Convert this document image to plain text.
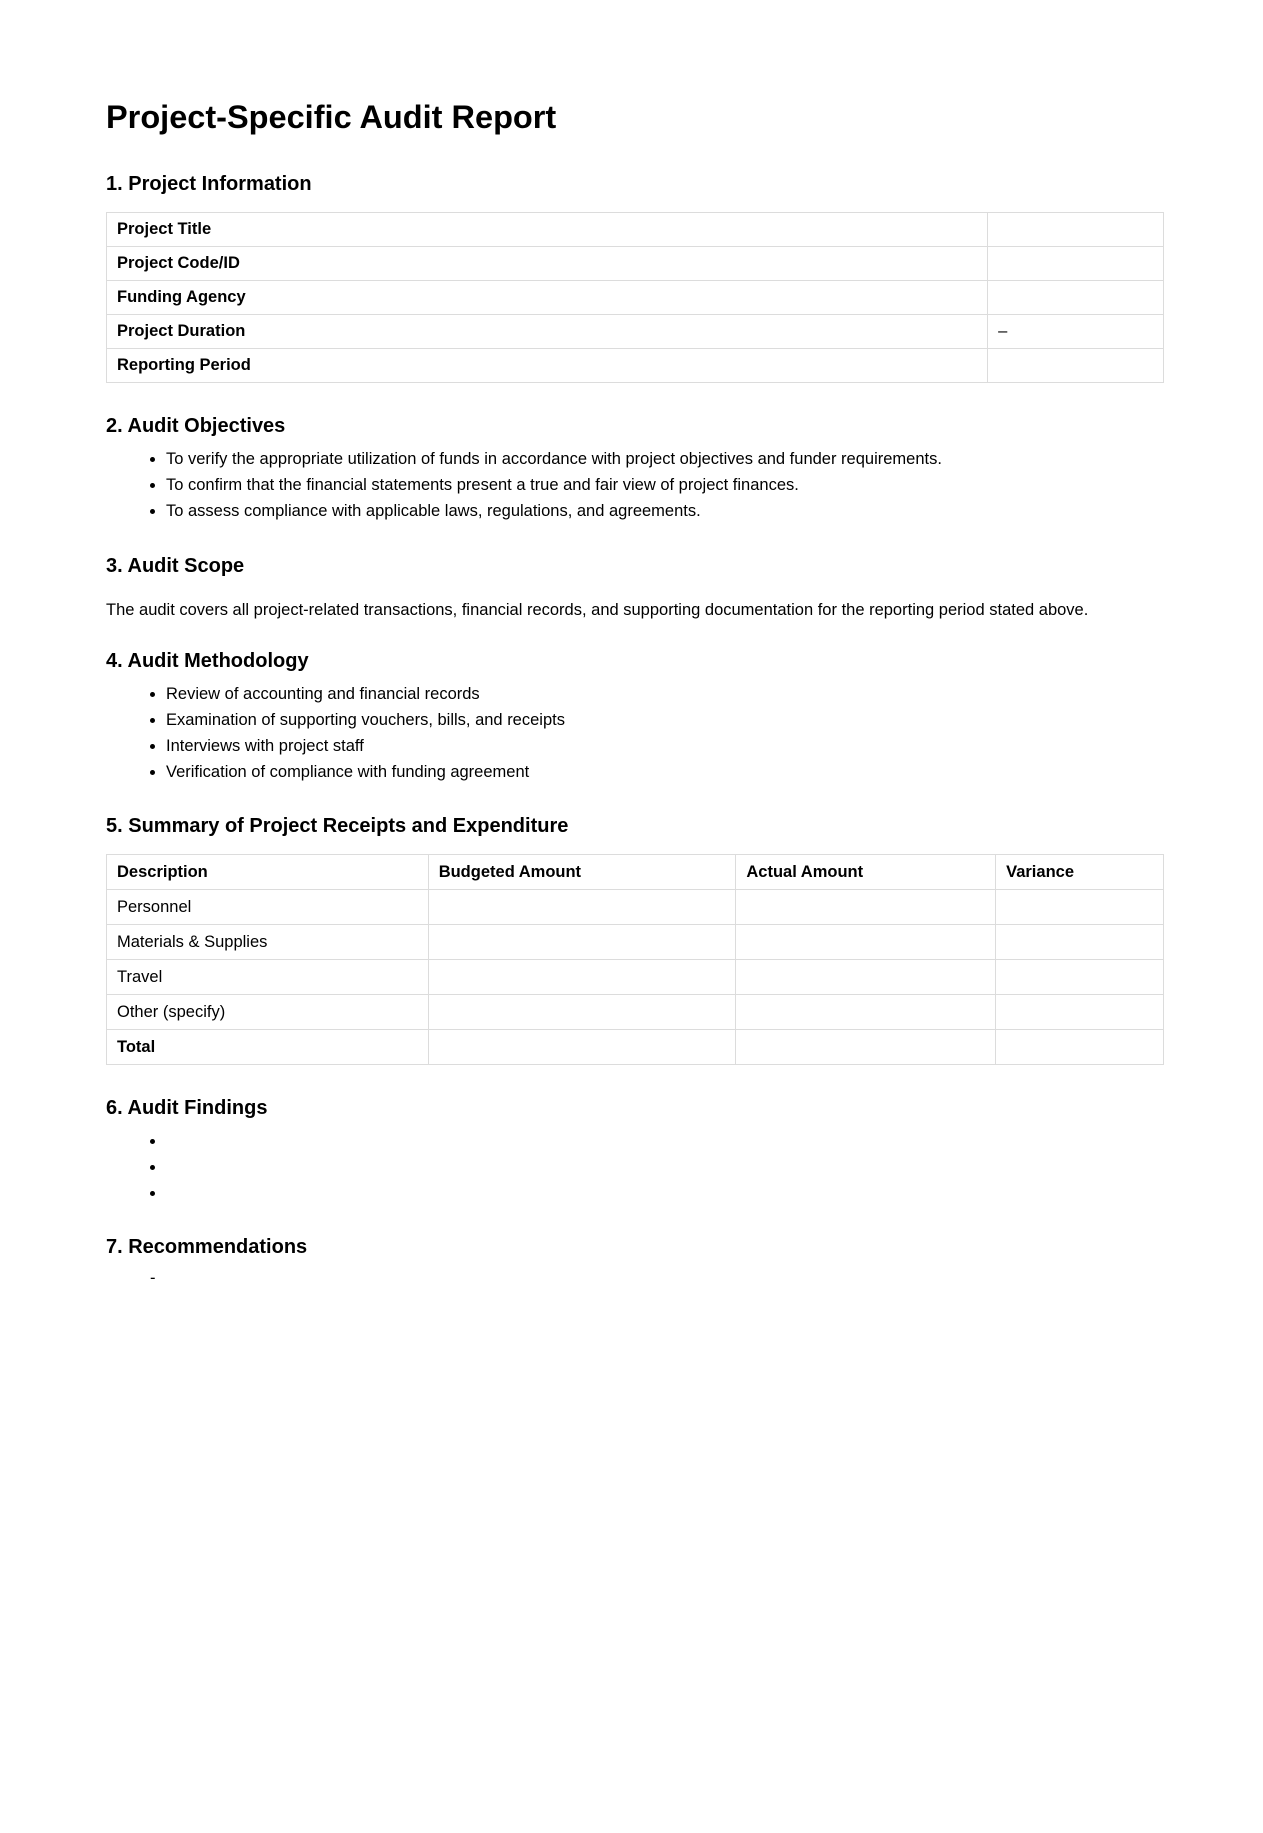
Project-Specific Audit Report
1. Project Information
Project Title	
Project Code/ID	
Funding Agency	
Project Duration	–
Reporting Period	
2. Audit Objectives
• To verify the appropriate utilization of funds in accordance with project objectives and funder requirements.
• To confirm that the financial statements present a true and fair view of project finances.
• To assess compliance with applicable laws, regulations, and agreements.
3. Audit Scope

The audit covers all project-related transactions, financial records, and supporting documentation for the reporting period stated above.

4. Audit Methodology
• Review of accounting and financial records
• Examination of supporting vouchers, bills, and receipts
• Interviews with project staff
• Verification of compliance with funding agreement
5. Summary of Project Receipts and Expenditure
Description	Budgeted Amount	Actual Amount	Variance
Personnel			
Materials & Supplies			
Travel			
Other (specify)			
Total			
6. Audit Findings
•
•
•
7. Recommendations
-
